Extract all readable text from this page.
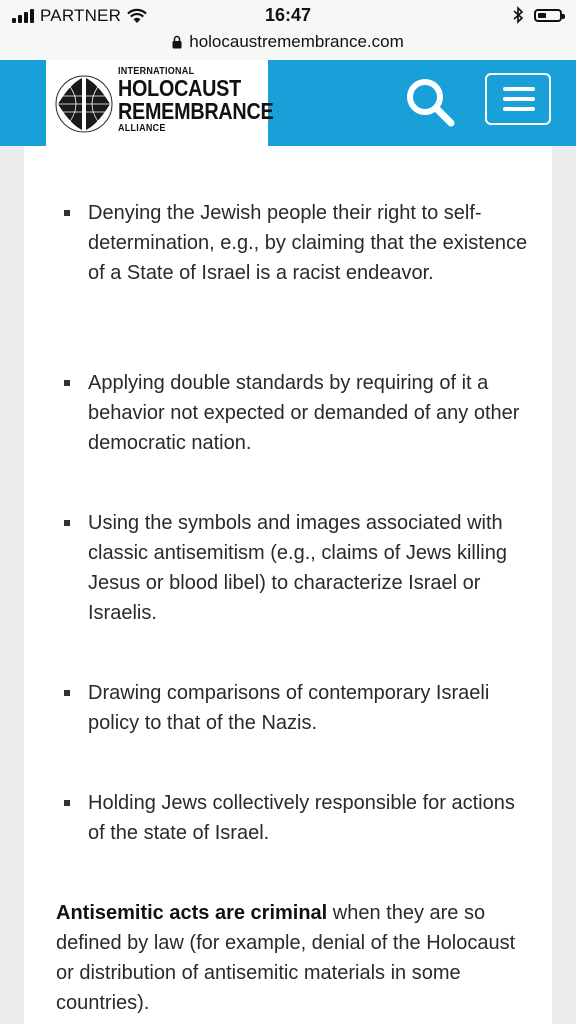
PARTNER	16:47
holocaustremembrance.com
INTERNATIONAL
HOLOCAUST
REMEMBRANCE
ALLIANCE
Denying the Jewish people their right to self-determination, e.g., by claiming that the existence of a State of Israel is a racist endeavor.
Applying double standards by requiring of it a behavior not expected or demanded of any other democratic nation.
Using the symbols and images associated with classic antisemitism (e.g., claims of Jews killing Jesus or blood libel) to characterize Israel or Israelis.
Drawing comparisons of contemporary Israeli policy to that of the Nazis.
Holding Jews collectively responsible for actions of the state of Israel.

Antisemitic acts are criminal when they are so defined by law (for example, denial of the Holocaust or distribution of antisemitic materials in some countries).
